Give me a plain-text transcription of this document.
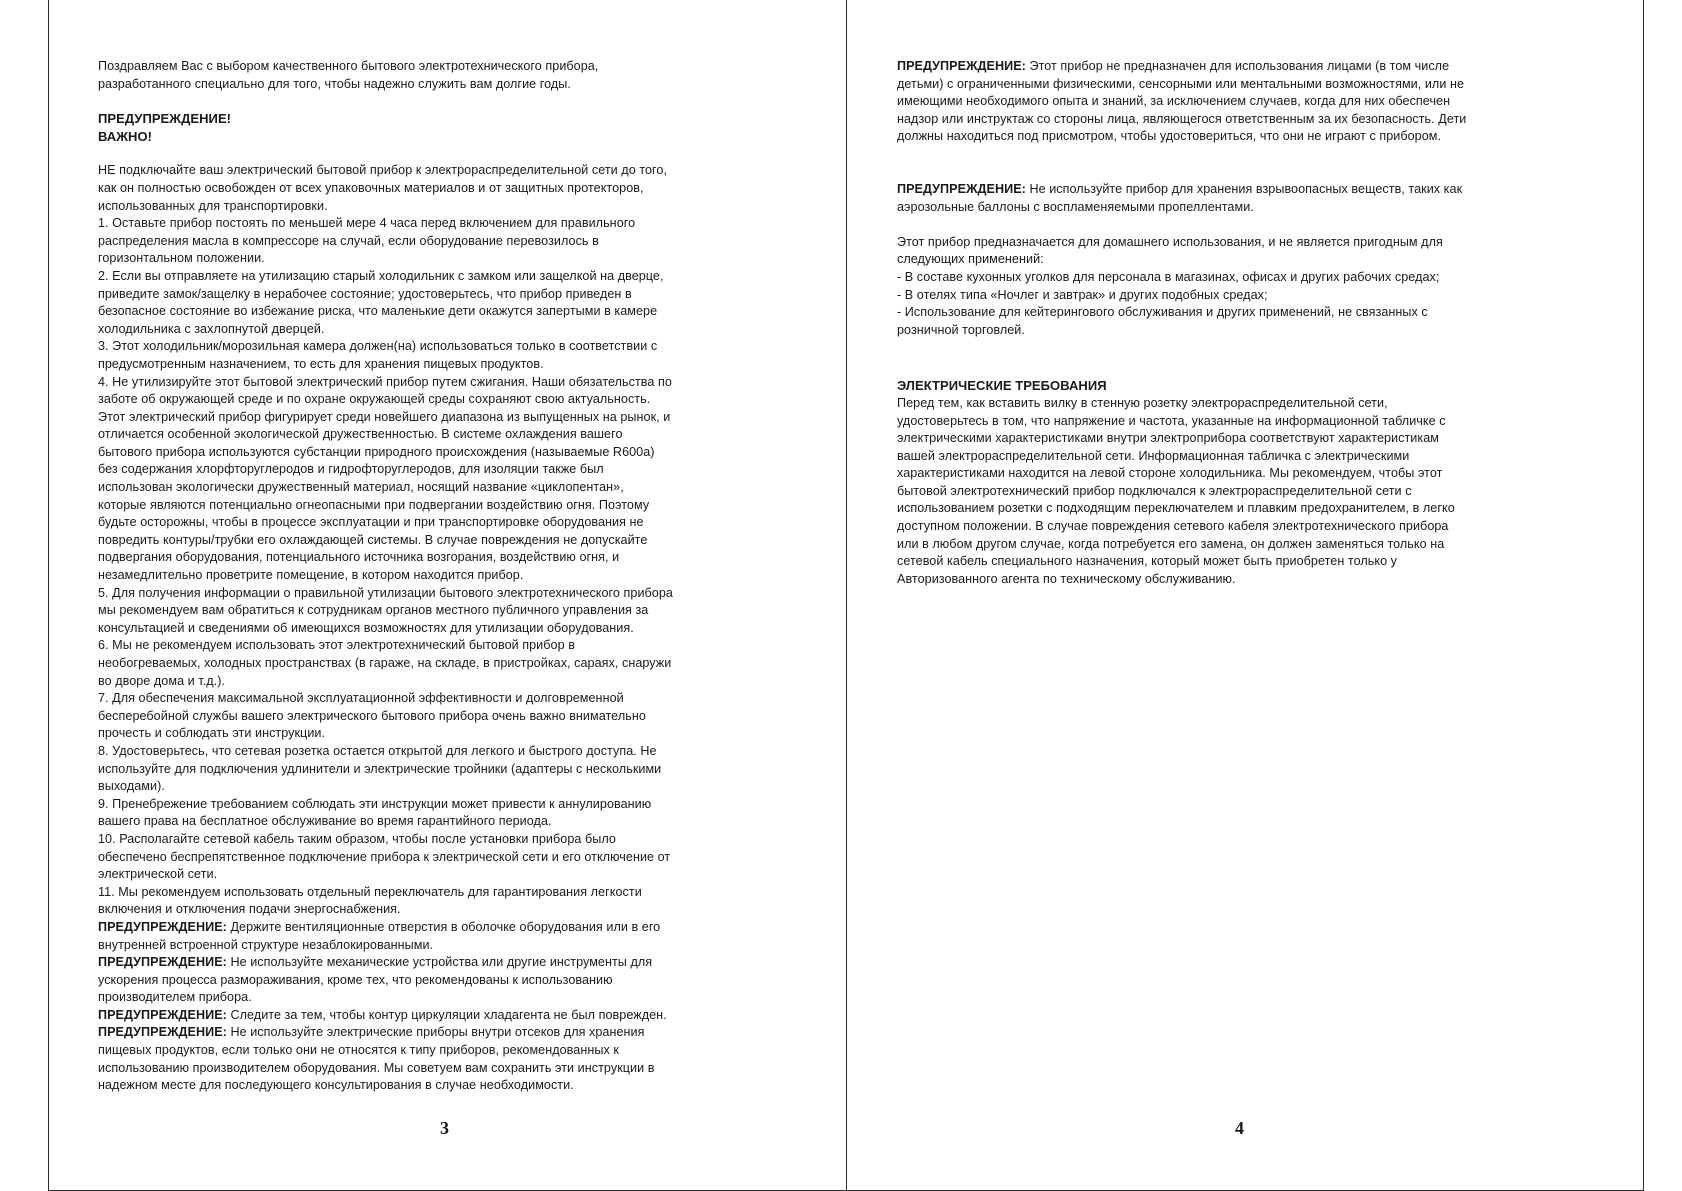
Поздравляем Вас с выбором качественного бытового электротехнического прибора,
разработанного специально для того, чтобы надежно служить вам долгие годы.

ПРЕДУПРЕЖДЕНИЕ!

ВАЖНО!

НЕ подключайте ваш электрический бытовой прибор к электрораспределительной сети до того,
как он полностью освобожден от всех упаковочных материалов и от защитных протекторов,
использованных для транспортировки.

1. Оставьте прибор постоять по меньшей мере 4 часа перед включением для правильного
распределения масла в компрессоре на случай, если оборудование перевозилось в
горизонтальном положении.

2. Если вы отправляете на утилизацию старый холодильник с замком или защелкой на дверце,
приведите замок/защелку в нерабочее состояние; удостоверьтесь, что прибор приведен в
безопасное состояние во избежание риска, что маленькие дети окажутся запертыми в камере
холодильника с захлопнутой дверцей.

3. Этот холодильник/морозильная камера должен(на) использоваться только в соответствии с
предусмотренным назначением, то есть для хранения пищевых продуктов.

4. Не утилизируйте этот бытовой электрический прибор путем сжигания. Наши обязательства по
заботе об окружающей среде и по охране окружающей среды сохраняют свою актуальность.
Этот электрический прибор фигурирует среди новейшего диапазона из выпущенных на рынок, и
отличается особенной экологической дружественностью. В системе охлаждения вашего
бытового прибора используются субстанции природного происхождения (называемые R600a)
без содержания хлорфторуглеродов и гидрофторуглеродов, для изоляции также был
использован экологически дружественный материал, носящий название «циклопентан»,
которые являются потенциально огнеопасными при подвергании воздействию огня. Поэтому
будьте осторожны, чтобы в процессе эксплуатации и при транспортировке оборудования не
повредить контуры/трубки его охлаждающей системы. В случае повреждения не допускайте
подвергания оборудования, потенциального источника возгорания, воздействию огня, и
незамедлительно проветрите помещение, в котором находится прибор.

5. Для получения информации о правильной утилизации бытового электротехнического прибора
мы рекомендуем вам обратиться к сотрудникам органов местного публичного управления за
консультацией и сведениями об имеющихся возможностях для утилизации оборудования.

6. Мы не рекомендуем использовать этот электротехнический бытовой прибор в
необогреваемых, холодных пространствах (в гараже, на складе, в пристройках, сараях, снаружи
во дворе дома и т.д.).

7. Для обеспечения максимальной эксплуатационной эффективности и долговременной
бесперебойной службы вашего электрического бытового прибора очень важно внимательно
прочесть и соблюдать эти инструкции.

8. Удостоверьтесь, что сетевая розетка остается открытой для легкого и быстрого доступа. Не
используйте для подключения удлинители и электрические тройники (адаптеры с несколькими
выходами).

9. Пренебрежение требованием соблюдать эти инструкции может привести к аннулированию
вашего права на бесплатное обслуживание во время гарантийного периода.

10. Располагайте сетевой кабель таким образом, чтобы после установки прибора было
обеспечено беспрепятственное подключение прибора к электрической сети и его отключение от
электрической сети.

11. Мы рекомендуем использовать отдельный переключатель для гарантирования легкости
включения и отключения подачи энергоснабжения.

ПРЕДУПРЕЖДЕНИЕ: Держите вентиляционные отверстия в оболочке оборудования или в его
внутренней встроенной структуре незаблокированными.

ПРЕДУПРЕЖДЕНИЕ: Не используйте механические устройства или другие инструменты для
ускорения процесса размораживания, кроме тех, что рекомендованы к использованию
производителем прибора.

ПРЕДУПРЕЖДЕНИЕ: Следите за тем, чтобы контур циркуляции хладагента не был поврежден.

ПРЕДУПРЕЖДЕНИЕ: Не используйте электрические приборы внутри отсеков для хранения
пищевых продуктов, если только они не относятся к типу приборов, рекомендованных к
использованию производителем оборудования. Мы советуем вам сохранить эти инструкции в
надежном месте для последующего консультирования в случае необходимости.

3

ПРЕДУПРЕЖДЕНИЕ: Этот прибор не предназначен для использования лицами (в том числе
детьми) с ограниченными физическими, сенсорными или ментальными возможностями, или не
имеющими необходимого опыта и знаний, за исключением случаев, когда для них обеспечен
надзор или инструктаж со стороны лица, являющегося ответственным за их безопасность. Дети
должны находиться под присмотром, чтобы удостовериться, что они не играют с прибором.

ПРЕДУПРЕЖДЕНИЕ: Не используйте прибор для хранения взрывоопасных веществ, таких как
аэрозольные баллоны с воспламеняемыми пропеллентами.

Этот прибор предназначается для домашнего использования, и не является пригодным для
следующих применений:

- В составе кухонных уголков для персонала в магазинах, офисах и других рабочих средах;

- В отелях типа «Ночлег и завтрак» и других подобных средах;

- Использование для кейтерингового обслуживания и других применений, не связанных с
розничной торговлей.

ЭЛЕКТРИЧЕСКИЕ ТРЕБОВАНИЯ

Перед тем, как вставить вилку в стенную розетку электрораспределительной сети,
удостоверьтесь в том, что напряжение и частота, указанные на информационной табличке с
электрическими характеристиками внутри электроприбора соответствуют характеристикам
вашей электрораспределительной сети. Информационная табличка с электрическими
характеристиками находится на левой стороне холодильника. Мы рекомендуем, чтобы этот
бытовой электротехнический прибор подключался к электрораспределительной сети с
использованием розетки с подходящим переключателем и плавким предохранителем, в легко
доступном положении. В случае повреждения сетевого кабеля электротехнического прибора
или в любом другом случае, когда потребуется его замена, он должен заменяться только на
сетевой кабель специального назначения, который может быть приобретен только у
Авторизованного агента по техническому обслуживанию.

4
